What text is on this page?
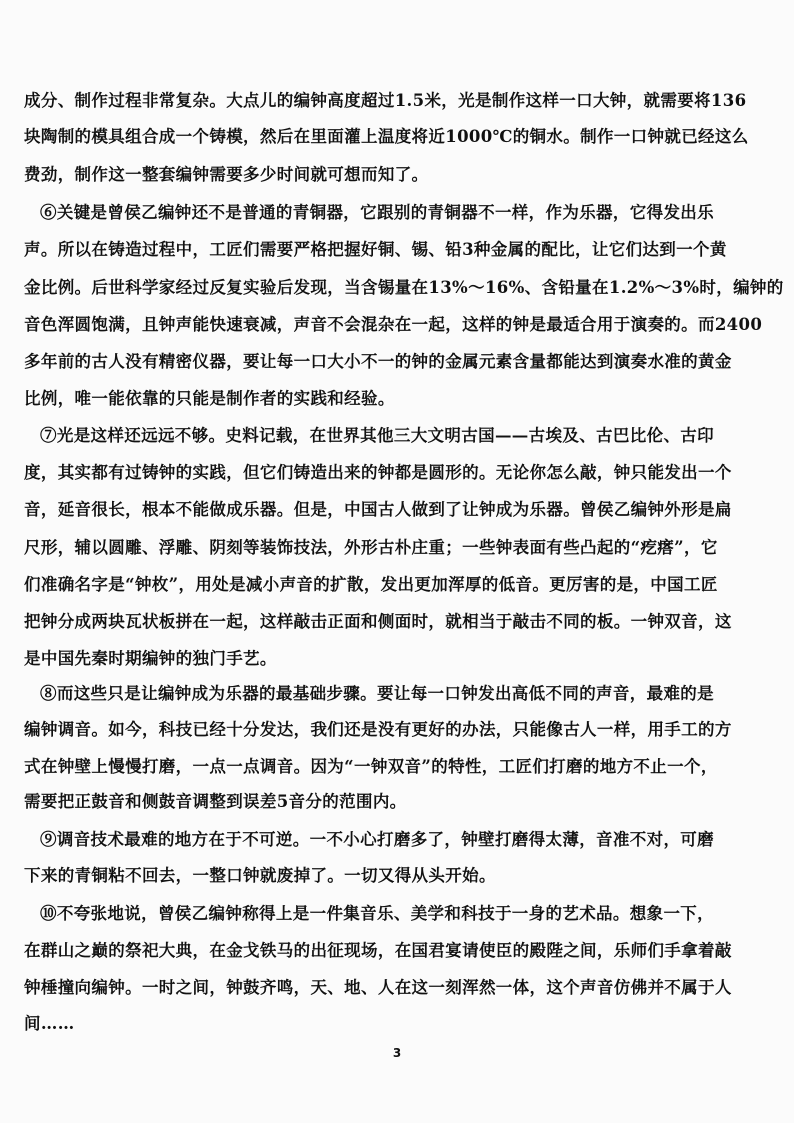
成分、制作过程非常复杂。大点儿的编钟高度超过1.5米，光是制作这样一口大钟，就需要将136

块陶制的模具组合成一个铸模，然后在里面灌上温度将近1000℃的铜水。制作一口钟就已经这么

费劲，制作这一整套编钟需要多少时间就可想而知了。

⑥关键是曾侯乙编钟还不是普通的青铜器，它跟别的青铜器不一样，作为乐器，它得发出乐

声。所以在铸造过程中，工匠们需要严格把握好铜、锡、铅3种金属的配比，让它们达到一个黄

金比例。后世科学家经过反复实验后发现，当含锡量在13%～16%、含铅量在1.2%～3%时，编钟的

音色浑圆饱满，且钟声能快速衰减，声音不会混杂在一起，这样的钟是最适合用于演奏的。而2400

多年前的古人没有精密仪器，要让每一口大小不一的钟的金属元素含量都能达到演奏水准的黄金

比例，唯一能依靠的只能是制作者的实践和经验。

⑦光是这样还远远不够。史料记载，在世界其他三大文明古国——古埃及、古巴比伦、古印

度，其实都有过铸钟的实践，但它们铸造出来的钟都是圆形的。无论你怎么敲，钟只能发出一个

音，延音很长，根本不能做成乐器。但是，中国古人做到了让钟成为乐器。曾侯乙编钟外形是扁

尺形，辅以圆雕、浮雕、阴刻等装饰技法，外形古朴庄重；一些钟表面有些凸起的“疙瘩”，它

们准确名字是“钟枚”，用处是减小声音的扩散，发出更加浑厚的低音。更厉害的是，中国工匠

把钟分成两块瓦状板拼在一起，这样敲击正面和侧面时，就相当于敲击不同的板。一钟双音，这

是中国先秦时期编钟的独门手艺。

⑧而这些只是让编钟成为乐器的最基础步骤。要让每一口钟发出高低不同的声音，最难的是

编钟调音。如今，科技已经十分发达，我们还是没有更好的办法，只能像古人一样，用手工的方

式在钟壁上慢慢打磨，一点一点调音。因为“一钟双音”的特性，工匠们打磨的地方不止一个，

需要把正鼓音和侧鼓音调整到误差5音分的范围内。

⑨调音技术最难的地方在于不可逆。一不小心打磨多了，钟壁打磨得太薄，音准不对，可磨

下来的青铜粘不回去，一整口钟就废掉了。一切又得从头开始。

⑩不夸张地说，曾侯乙编钟称得上是一件集音乐、美学和科技于一身的艺术品。想象一下，

在群山之巅的祭祀大典，在金戈铁马的出征现场，在国君宴请使臣的殿陛之间，乐师们手拿着敲

钟棰撞向编钟。一时之间，钟鼓齐鸣，天、地、人在这一刻浑然一体，这个声音仿佛并不属于人

间……

3
